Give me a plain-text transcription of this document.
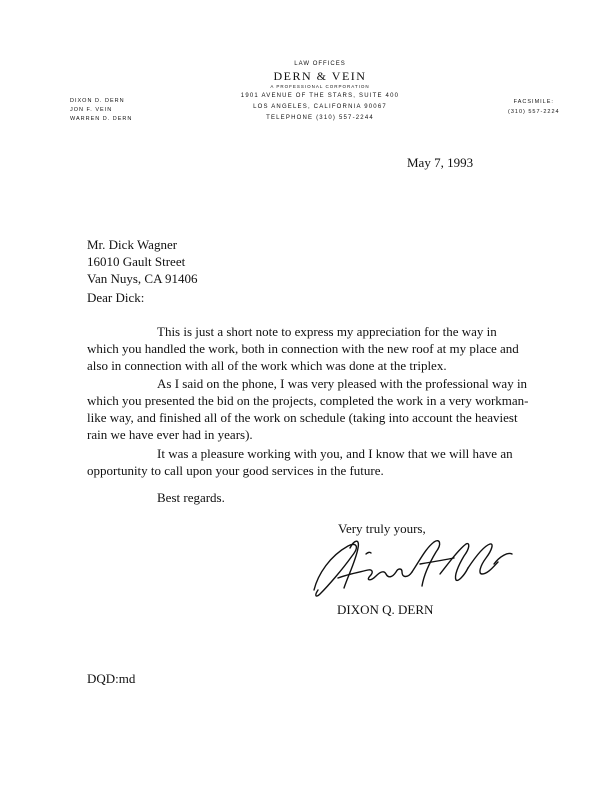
LAW OFFICES
DERN & VEIN
A PROFESSIONAL CORPORATION
1901 AVENUE OF THE STARS, SUITE 400
LOS ANGELES, CALIFORNIA 90067
TELEPHONE (310) 557-2244
DIXON D. DERN
JON F. VEIN
WARREN D. DERN
FACSIMILE:
(310) 557-2224
May 7, 1993
Mr. Dick Wagner
16010 Gault Street
Van Nuys, CA 91406
Dear Dick:
This is just a short note to express my appreciation for the way in
which you handled the work, both in connection with the new roof at my place and
also in connection with all of the work which was done at the triplex.
As I said on the phone, I was very pleased with the professional way in
which you presented the bid on the projects, completed the work in a very workman-
like way, and finished all of the work on schedule (taking into account the heaviest
rain we have ever had in years).
It was a pleasure working with you, and I know that we will have an
opportunity to call upon your good services in the future.
Best regards.
Very truly yours,
DIXON Q. DERN
DQD:md
